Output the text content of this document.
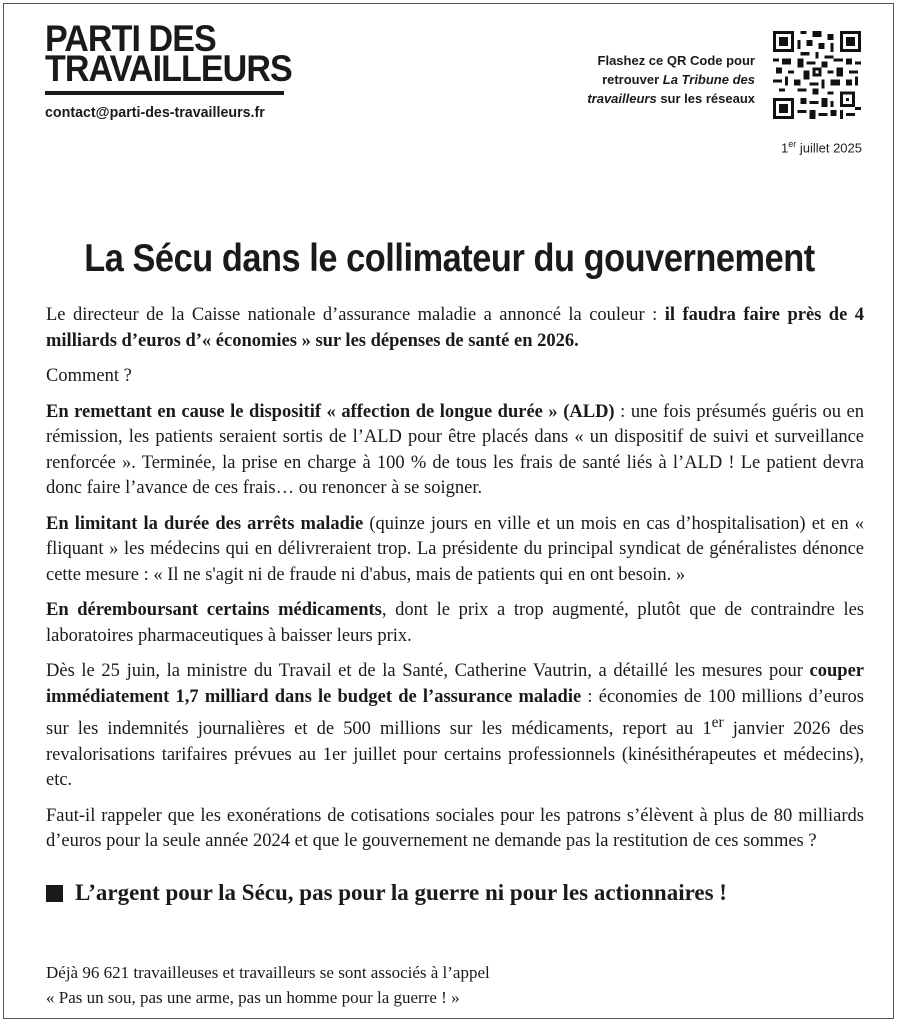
PARTI DES
TRAVAILLEURS
contact@parti-des-travailleurs.fr
Flashez ce QR Code pour
retrouver La Tribune des
travailleurs sur les réseaux
1er juillet 2025
La Sécu dans le collimateur du gouvernement

Le directeur de la Caisse nationale d’assurance maladie a annoncé la couleur : il faudra faire près de 4 milliards d’euros d’« économies » sur les dépenses de santé en 2026.

Comment ?

En remettant en cause le dispositif « affection de longue durée » (ALD) : une fois présumés guéris ou en rémission, les patients seraient sortis de l’ALD pour être placés dans « un dispositif de suivi et surveillance renforcée ». Terminée, la prise en charge à 100 % de tous les frais de santé liés à l’ALD ! Le patient devra donc faire l’avance de ces frais… ou renoncer à se soigner.

En limitant la durée des arrêts maladie (quinze jours en ville et un mois en cas d’hospitalisation) et en « fliquant » les médecins qui en délivreraient trop. La présidente du principal syndicat de généralistes dénonce cette mesure : « Il ne s'agit ni de fraude ni d'abus, mais de patients qui en ont besoin. »

En déremboursant certains médicaments, dont le prix a trop augmenté, plutôt que de contraindre les laboratoires pharmaceutiques à baisser leurs prix.

Dès le 25 juin, la ministre du Travail et de la Santé, Catherine Vautrin, a détaillé les mesures pour couper immédiatement 1,7 milliard dans le budget de l’assurance maladie : économies de 100 millions d’euros sur les indemnités journalières et de 500 millions sur les médicaments, report au 1er janvier 2026 des revalorisations tarifaires prévues au 1er juillet pour certains professionnels (kinésithérapeutes et médecins), etc.

Faut-il rappeler que les exonérations de cotisations sociales pour les patrons s’élèvent à plus de 80 milliards d’euros pour la seule année 2024 et que le gouvernement ne demande pas la restitution de ces sommes ?

L’argent pour la Sécu, pas pour la guerre ni pour les actionnaires !
Déjà 96 621 travailleuses et travailleurs se sont associés à l’appel
« Pas un sou, pas une arme, pas un homme pour la guerre ! »
